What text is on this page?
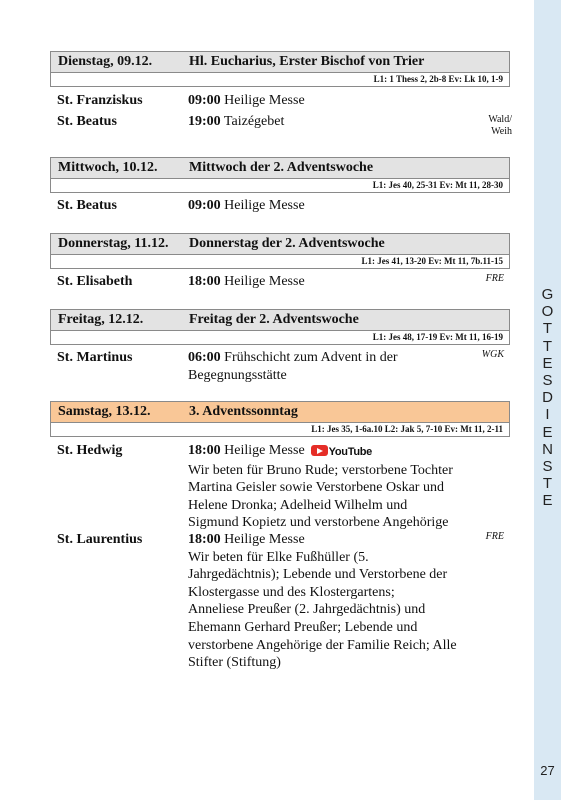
G
O
T
T
E
S
D
I
E
N
S
T
E
27
Dienstag, 09.12.	Hl. Eucharius, Erster Bischof von Trier
L1: 1 Thess 2, 2b-8 Ev: Lk 10, 1-9
St. Franziskus	09:00 Heilige Messe
St. Beatus	19:00 Taizégebet	Wald/
Weih
Mittwoch, 10.12. Mittwoch der 2. Adventswoche
L1: Jes 40, 25-31 Ev: Mt 11, 28-30
St. Beatus	09:00 Heilige Messe
Donnerstag, 11.12. Donnerstag der 2. Adventswoche
L1: Jes 41, 13-20 Ev: Mt 11, 7b.11-15
St. Elisabeth	18:00 Heilige Messe	FRE
Freitag, 12.12.	Freitag der 2. Adventswoche
L1: Jes 48, 17-19 Ev: Mt 11, 16-19
St. Martinus	06:00 Frühschicht zum Advent in der Begegnungsstätte
WGK
Samstag, 13.12.	3. Adventssonntag
L1: Jes 35, 1-6a.10 L2: Jak 5, 7-10 Ev: Mt 11, 2-11
St. Hedwig	18:00 Heilige Messe YouTube
Wir beten für Bruno Rude; verstorbene Tochter
Martina Geisler sowie Verstorbene Oskar und
Helene Dronka; Adelheid Wilhelm und
Sigmund Kopietz und verstorbene Angehörige
St. Laurentius	18:00 Heilige Messe
Wir beten für Elke Fußhüller (5.
Jahrgedächtnis); Lebende und Verstorbene der
Klostergasse und des Klostergartens;
Anneliese Preußer (2. Jahrgedächtnis) und
Ehemann Gerhard Preußer; Lebende und
verstorbene Angehörige der Familie Reich; Alle
Stifter (Stiftung)
FRE
